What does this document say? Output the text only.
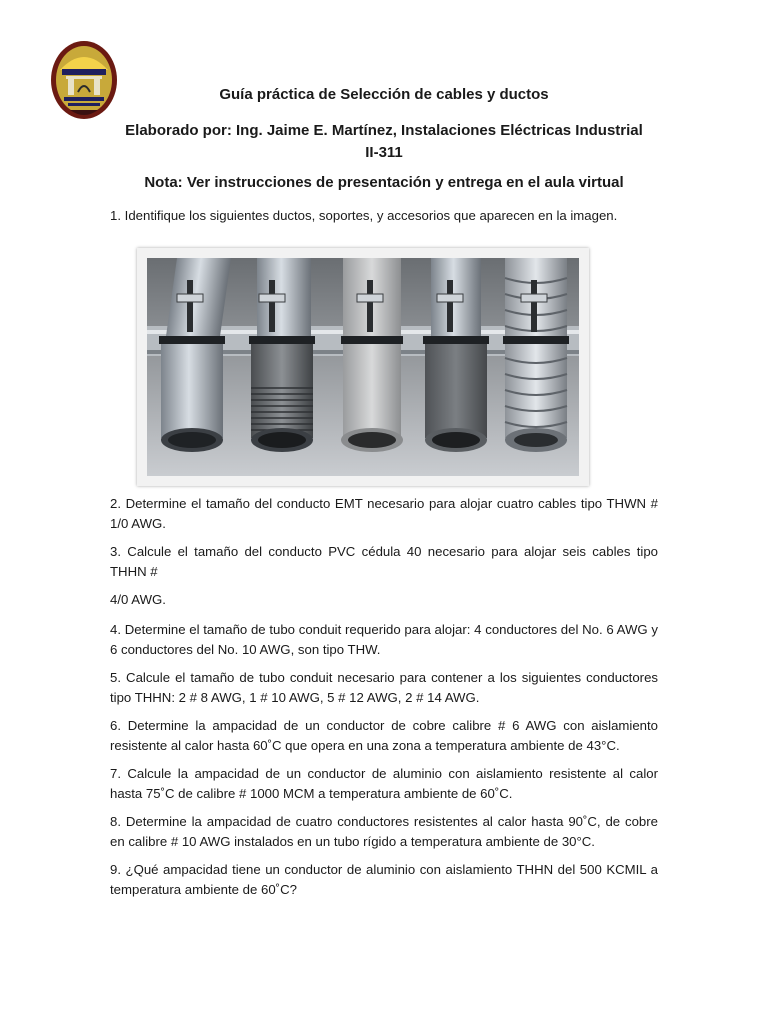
Guía práctica de Selección de cables y ductos
Elaborado por: Ing. Jaime E. Martínez, Instalaciones Eléctricas Industrial
II-311
Nota: Ver instrucciones de presentación y entrega en el aula virtual
1. Identifique los siguientes ductos, soportes, y accesorios que aparecen en la imagen.
2. Determine el tamaño del conducto EMT necesario para alojar cuatro cables tipo THWN # 1/0 AWG.
3. Calcule el tamaño del conducto PVC cédula 40 necesario para alojar seis cables tipo THHN #
4/0 AWG.
4. Determine el tamaño de tubo conduit requerido para alojar: 4 conductores del No. 6 AWG y 6 conductores del No. 10 AWG, son tipo THW.
5. Calcule el tamaño de tubo conduit necesario para contener a los siguientes conductores tipo THHN: 2 # 8 AWG, 1 # 10 AWG, 5 # 12 AWG, 2 # 14 AWG.
6. Determine la ampacidad de un conductor de cobre calibre # 6 AWG con aislamiento resistente al calor hasta 60˚C que opera en una zona a temperatura ambiente de 43°C.
7. Calcule la ampacidad de un conductor de aluminio con aislamiento resistente al calor hasta 75˚C de calibre # 1000 MCM a temperatura ambiente de 60˚C.
8. Determine la ampacidad de cuatro conductores resistentes al calor hasta 90˚C, de cobre en calibre # 10 AWG instalados en un tubo rígido a temperatura ambiente de 30°C.
9. ¿Qué ampacidad tiene un conductor de aluminio con aislamiento THHN del 500 KCMIL a temperatura ambiente de 60˚C?
